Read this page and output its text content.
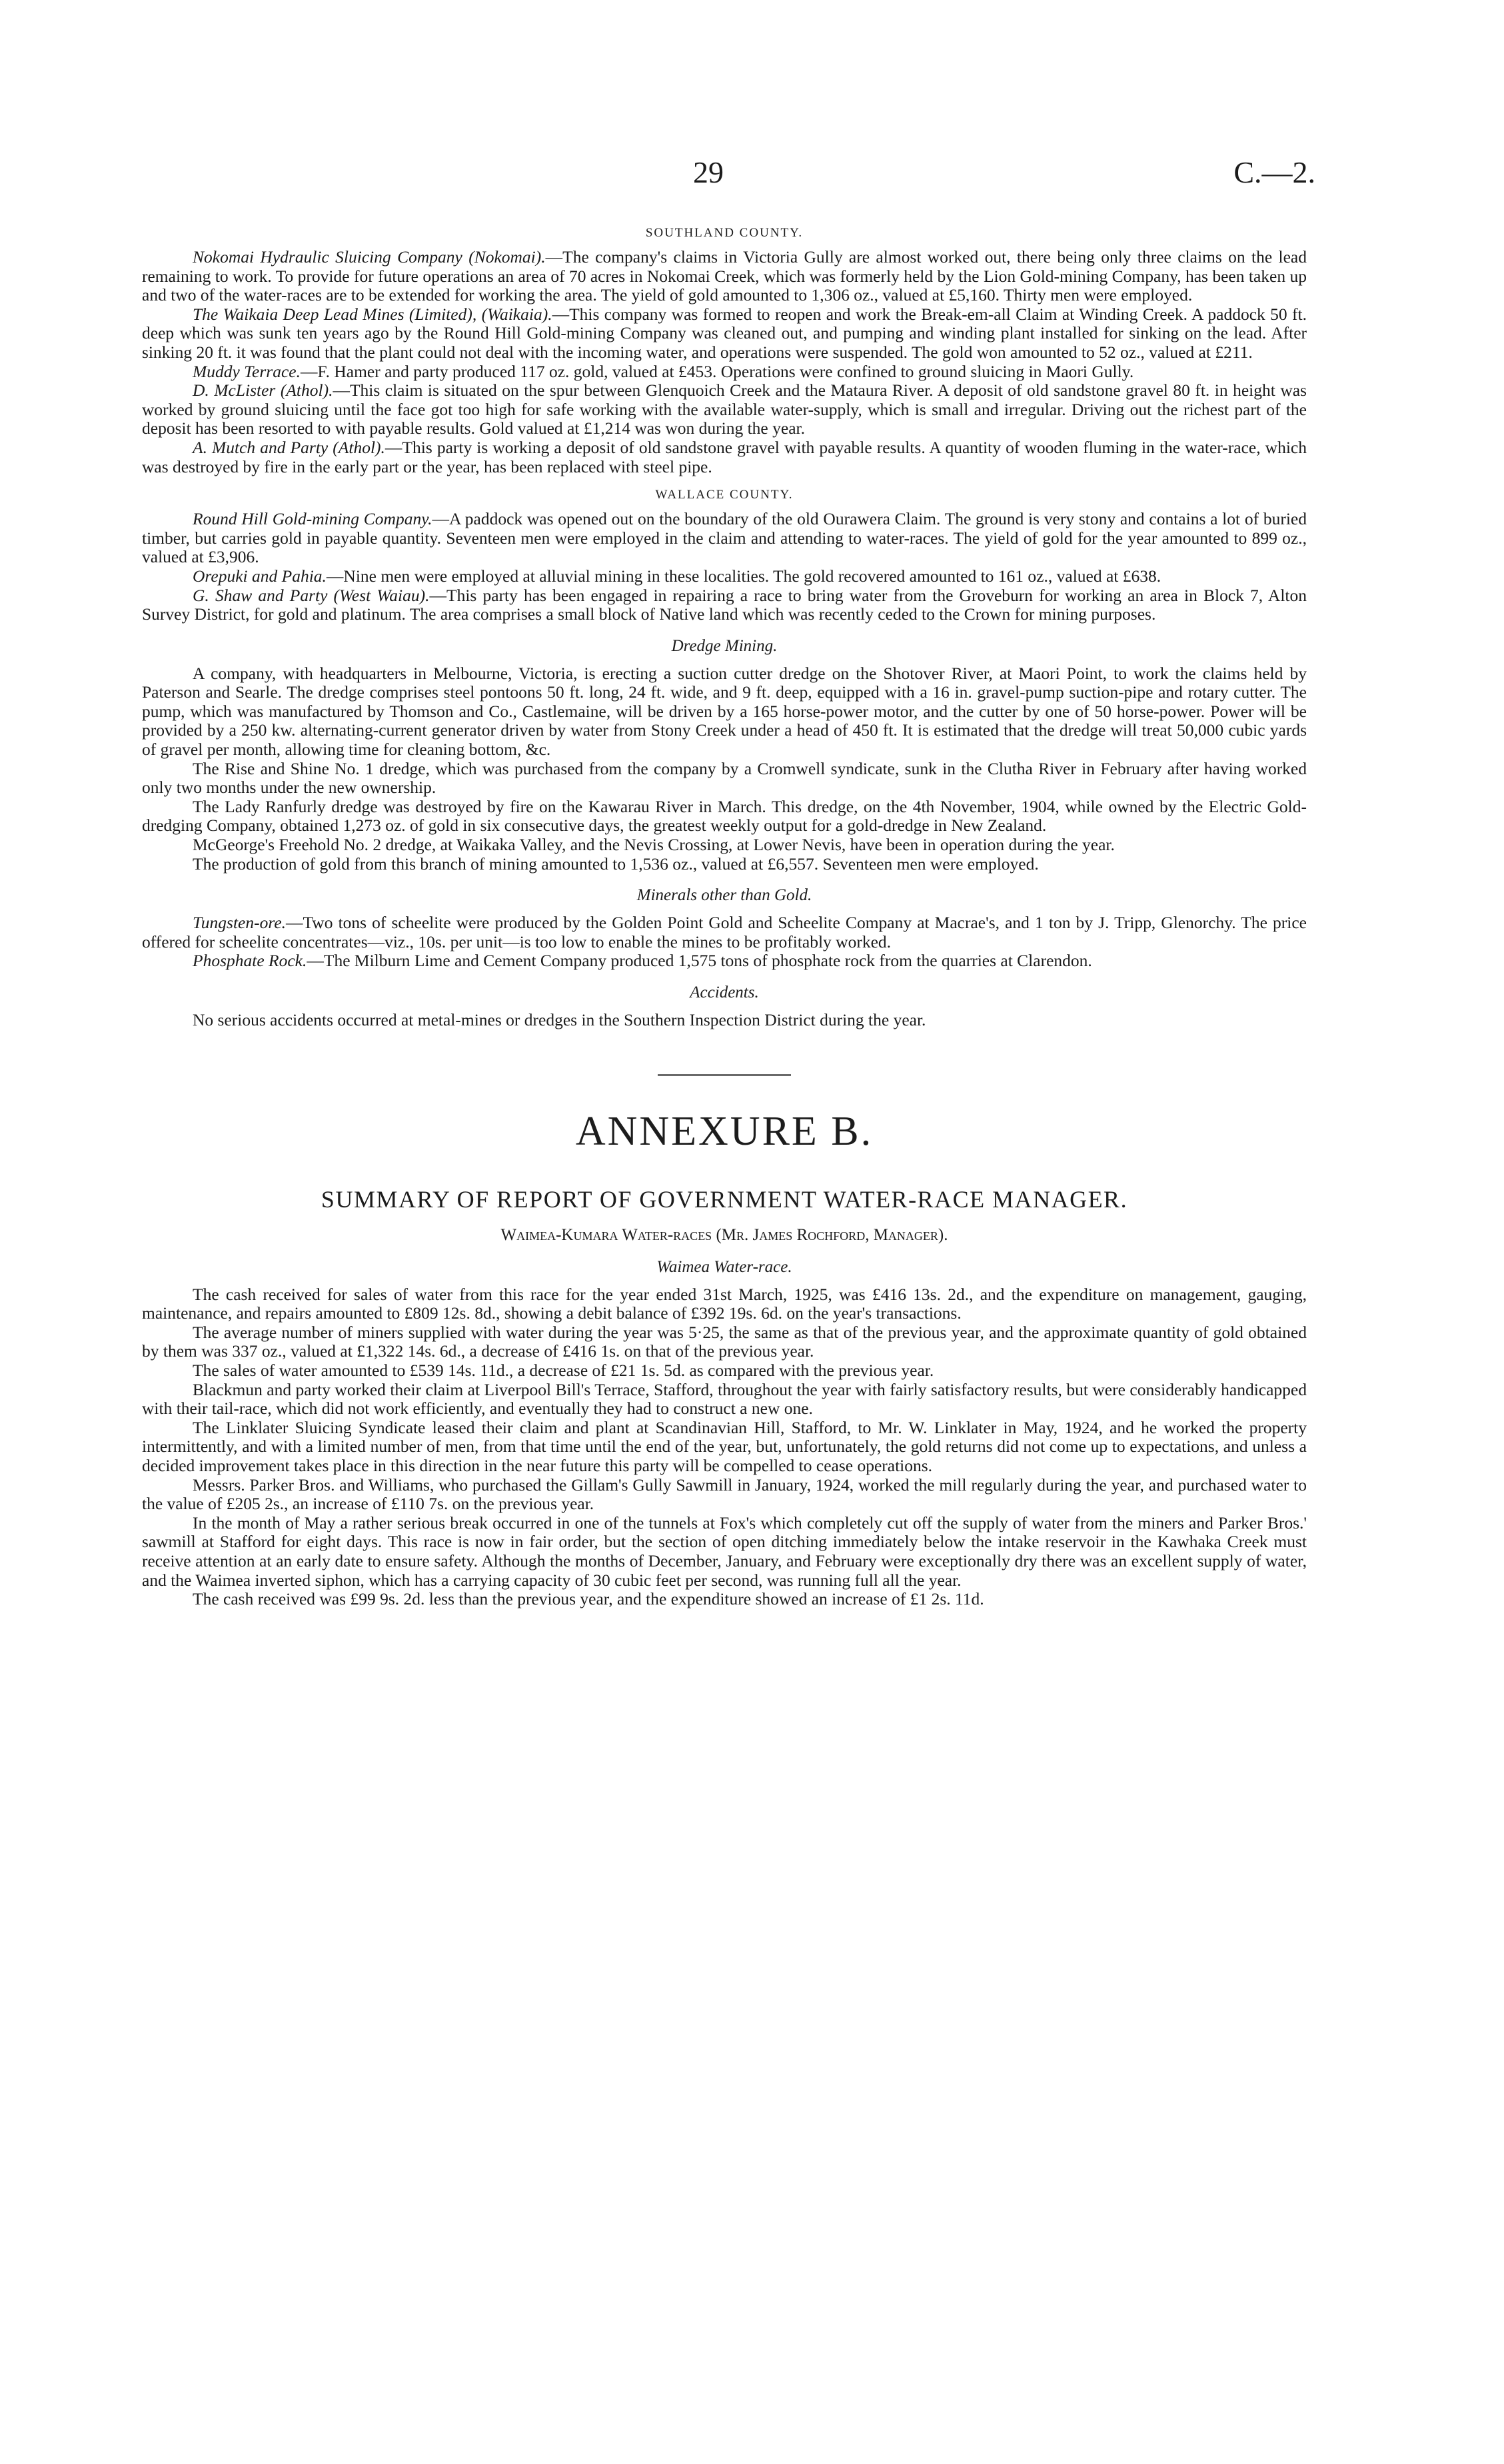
29	C.—2.
SOUTHLAND COUNTY.

Nokomai Hydraulic Sluicing Company (Nokomai).—The company's claims in Victoria Gully are almost worked out, there being only three claims on the lead remaining to work. To provide for future operations an area of 70 acres in Nokomai Creek, which was formerly held by the Lion Gold-mining Company, has been taken up and two of the water-races are to be extended for working the area. The yield of gold amounted to 1,306 oz., valued at £5,160. Thirty men were employed.

The Waikaia Deep Lead Mines (Limited), (Waikaia).—This company was formed to reopen and work the Break-em-all Claim at Winding Creek. A paddock 50 ft. deep which was sunk ten years ago by the Round Hill Gold-mining Company was cleaned out, and pumping and winding plant installed for sinking on the lead. After sinking 20 ft. it was found that the plant could not deal with the incoming water, and operations were suspended. The gold won amounted to 52 oz., valued at £211.

Muddy Terrace.—F. Hamer and party produced 117 oz. gold, valued at £453. Operations were confined to ground sluicing in Maori Gully.

D. McLister (Athol).—This claim is situated on the spur between Glenquoich Creek and the Mataura River. A deposit of old sandstone gravel 80 ft. in height was worked by ground sluicing until the face got too high for safe working with the available water-supply, which is small and irregular. Driving out the richest part of the deposit has been resorted to with payable results. Gold valued at £1,214 was won during the year.

A. Mutch and Party (Athol).—This party is working a deposit of old sandstone gravel with payable results. A quantity of wooden fluming in the water-race, which was destroyed by fire in the early part or the year, has been replaced with steel pipe.

WALLACE COUNTY.

Round Hill Gold-mining Company.—A paddock was opened out on the boundary of the old Ourawera Claim. The ground is very stony and contains a lot of buried timber, but carries gold in payable quantity. Seventeen men were employed in the claim and attending to water-races. The yield of gold for the year amounted to 899 oz., valued at £3,906.

Orepuki and Pahia.—Nine men were employed at alluvial mining in these localities. The gold recovered amounted to 161 oz., valued at £638.

G. Shaw and Party (West Waiau).—This party has been engaged in repairing a race to bring water from the Groveburn for working an area in Block 7, Alton Survey District, for gold and platinum. The area comprises a small block of Native land which was recently ceded to the Crown for mining purposes.

Dredge Mining.

A company, with headquarters in Melbourne, Victoria, is erecting a suction cutter dredge on the Shotover River, at Maori Point, to work the claims held by Paterson and Searle. The dredge comprises steel pontoons 50 ft. long, 24 ft. wide, and 9 ft. deep, equipped with a 16 in. gravel-pump suction-pipe and rotary cutter. The pump, which was manufactured by Thomson and Co., Castlemaine, will be driven by a 165 horse-power motor, and the cutter by one of 50 horse-power. Power will be provided by a 250 kw. alternating-current generator driven by water from Stony Creek under a head of 450 ft. It is estimated that the dredge will treat 50,000 cubic yards of gravel per month, allowing time for cleaning bottom, &c.

The Rise and Shine No. 1 dredge, which was purchased from the company by a Cromwell syndicate, sunk in the Clutha River in February after having worked only two months under the new ownership.

The Lady Ranfurly dredge was destroyed by fire on the Kawarau River in March. This dredge, on the 4th November, 1904, while owned by the Electric Gold-dredging Company, obtained 1,273 oz. of gold in six consecutive days, the greatest weekly output for a gold-dredge in New Zealand.

McGeorge's Freehold No. 2 dredge, at Waikaka Valley, and the Nevis Crossing, at Lower Nevis, have been in operation during the year.

The production of gold from this branch of mining amounted to 1,536 oz., valued at £6,557. Seventeen men were employed.

Minerals other than Gold.

Tungsten-ore.—Two tons of scheelite were produced by the Golden Point Gold and Scheelite Company at Macrae's, and 1 ton by J. Tripp, Glenorchy. The price offered for scheelite concentrates—viz., 10s. per unit—is too low to enable the mines to be profitably worked.

Phosphate Rock.—The Milburn Lime and Cement Company produced 1,575 tons of phosphate rock from the quarries at Clarendon.

Accidents.

No serious accidents occurred at metal-mines or dredges in the Southern Inspection District during the year.

ANNEXURE B.
SUMMARY OF REPORT OF GOVERNMENT WATER-RACE MANAGER.
Waimea-Kumara Water-races (Mr. James Rochford, Manager).
Waimea Water-race.

The cash received for sales of water from this race for the year ended 31st March, 1925, was £416 13s. 2d., and the expenditure on management, gauging, maintenance, and repairs amounted to £809 12s. 8d., showing a debit balance of £392 19s. 6d. on the year's transactions.

The average number of miners supplied with water during the year was 5·25, the same as that of the previous year, and the approximate quantity of gold obtained by them was 337 oz., valued at £1,322 14s. 6d., a decrease of £416 1s. on that of the previous year.

The sales of water amounted to £539 14s. 11d., a decrease of £21 1s. 5d. as compared with the previous year.

Blackmun and party worked their claim at Liverpool Bill's Terrace, Stafford, throughout the year with fairly satisfactory results, but were considerably handicapped with their tail-race, which did not work efficiently, and eventually they had to construct a new one.

The Linklater Sluicing Syndicate leased their claim and plant at Scandinavian Hill, Stafford, to Mr. W. Linklater in May, 1924, and he worked the property intermittently, and with a limited number of men, from that time until the end of the year, but, unfortunately, the gold returns did not come up to expectations, and unless a decided improvement takes place in this direction in the near future this party will be compelled to cease operations.

Messrs. Parker Bros. and Williams, who purchased the Gillam's Gully Sawmill in January, 1924, worked the mill regularly during the year, and purchased water to the value of £205 2s., an increase of £110 7s. on the previous year.

In the month of May a rather serious break occurred in one of the tunnels at Fox's which completely cut off the supply of water from the miners and Parker Bros.' sawmill at Stafford for eight days. This race is now in fair order, but the section of open ditching immediately below the intake reservoir in the Kawhaka Creek must receive attention at an early date to ensure safety. Although the months of December, January, and February were exceptionally dry there was an excellent supply of water, and the Waimea inverted siphon, which has a carrying capacity of 30 cubic feet per second, was running full all the year.

The cash received was £99 9s. 2d. less than the previous year, and the expenditure showed an increase of £1 2s. 11d.
